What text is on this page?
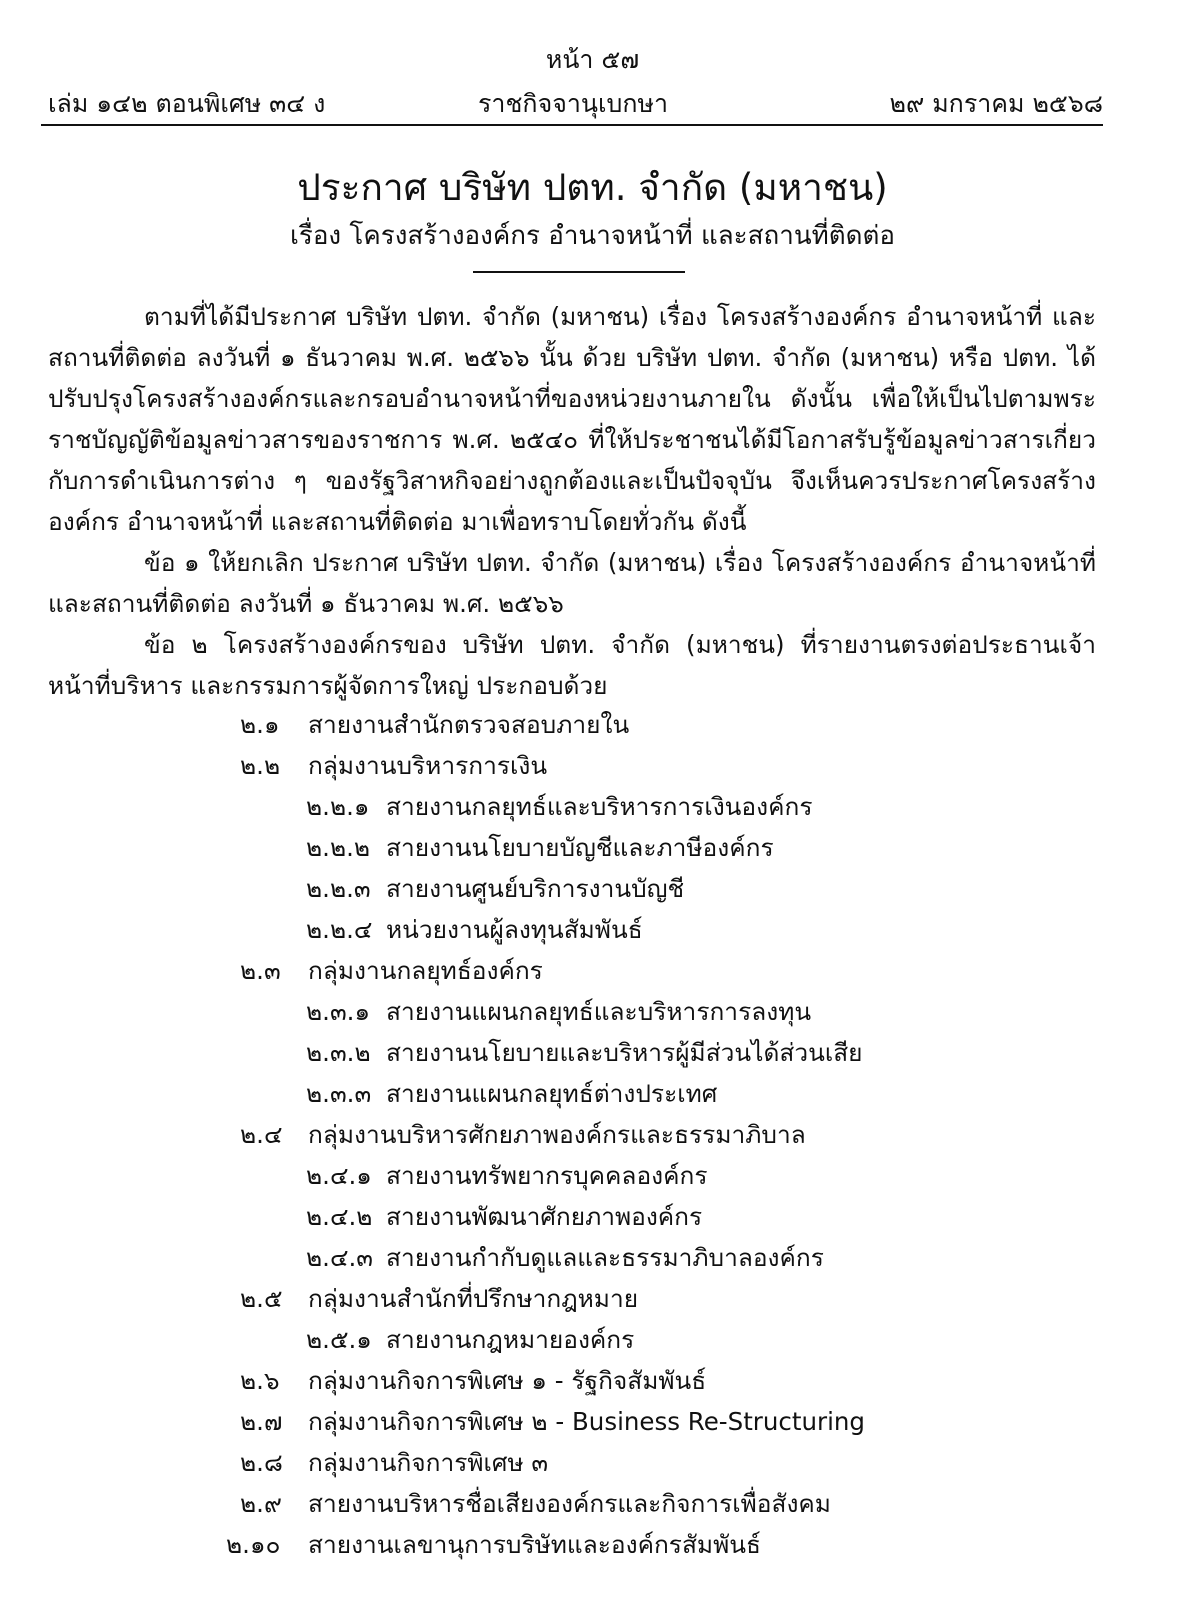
หน้า ๕๗
เล่ม ๑๔๒ ตอนพิเศษ ๓๔ ง	ราชกิจจานุเบกษา	๒๙ มกราคม ๒๕๖๘
ประกาศ บริษัท ปตท. จำกัด (มหาชน)
เรื่อง โครงสร้างองค์กร อำนาจหน้าที่ และสถานที่ติดต่อ

ตามที่ได้มีประกาศ บริษัท ปตท. จำกัด (มหาชน) เรื่อง โครงสร้างองค์กร อำนาจหน้าที่ และสถานที่ติดต่อ ลงวันที่ ๑ ธันวาคม พ.ศ. ๒๕๖๖ นั้น ด้วย บริษัท ปตท. จำกัด (มหาชน) หรือ ปตท. ได้ปรับปรุงโครงสร้างองค์กรและกรอบอำนาจหน้าที่ของหน่วยงานภายใน ดังนั้น เพื่อให้เป็นไปตามพระราชบัญญัติข้อมูลข่าวสารของราชการ พ.ศ. ๒๕๔๐ ที่ให้ประชาชนได้มีโอกาสรับรู้ข้อมูลข่าวสารเกี่ยวกับการดำเนินการต่าง ๆ ของรัฐวิสาหกิจอย่างถูกต้องและเป็นปัจจุบัน จึงเห็นควรประกาศโครงสร้างองค์กร อำนาจหน้าที่ และสถานที่ติดต่อ มาเพื่อทราบโดยทั่วกัน ดังนี้

ข้อ ๑ ให้ยกเลิก ประกาศ บริษัท ปตท. จำกัด (มหาชน) เรื่อง โครงสร้างองค์กร อำนาจหน้าที่ และสถานที่ติดต่อ ลงวันที่ ๑ ธันวาคม พ.ศ. ๒๕๖๖

ข้อ ๒ โครงสร้างองค์กรของ บริษัท ปตท. จำกัด (มหาชน) ที่รายงานตรงต่อประธานเจ้าหน้าที่บริหาร และกรรมการผู้จัดการใหญ่ ประกอบด้วย

๒.๑ สายงานสำนักตรวจสอบภายใน
๒.๒ กลุ่มงานบริหารการเงิน
๒.๒.๑ สายงานกลยุทธ์และบริหารการเงินองค์กร
๒.๒.๒ สายงานนโยบายบัญชีและภาษีองค์กร
๒.๒.๓ สายงานศูนย์บริการงานบัญชี
๒.๒.๔ หน่วยงานผู้ลงทุนสัมพันธ์
๒.๓ กลุ่มงานกลยุทธ์องค์กร
๒.๓.๑ สายงานแผนกลยุทธ์และบริหารการลงทุน
๒.๓.๒ สายงานนโยบายและบริหารผู้มีส่วนได้ส่วนเสีย
๒.๓.๓ สายงานแผนกลยุทธ์ต่างประเทศ
๒.๔ กลุ่มงานบริหารศักยภาพองค์กรและธรรมาภิบาล
๒.๔.๑ สายงานทรัพยากรบุคคลองค์กร
๒.๔.๒ สายงานพัฒนาศักยภาพองค์กร
๒.๔.๓ สายงานกำกับดูแลและธรรมาภิบาลองค์กร
๒.๕ กลุ่มงานสำนักที่ปรึกษากฎหมาย
๒.๕.๑ สายงานกฎหมายองค์กร
๒.๖ กลุ่มงานกิจการพิเศษ ๑ - รัฐกิจสัมพันธ์
๒.๗ กลุ่มงานกิจการพิเศษ ๒ - Business Re-Structuring
๒.๘ กลุ่มงานกิจการพิเศษ ๓
๒.๙ สายงานบริหารชื่อเสียงองค์กรและกิจการเพื่อสังคม
๒.๑๐ สายงานเลขานุการบริษัทและองค์กรสัมพันธ์
